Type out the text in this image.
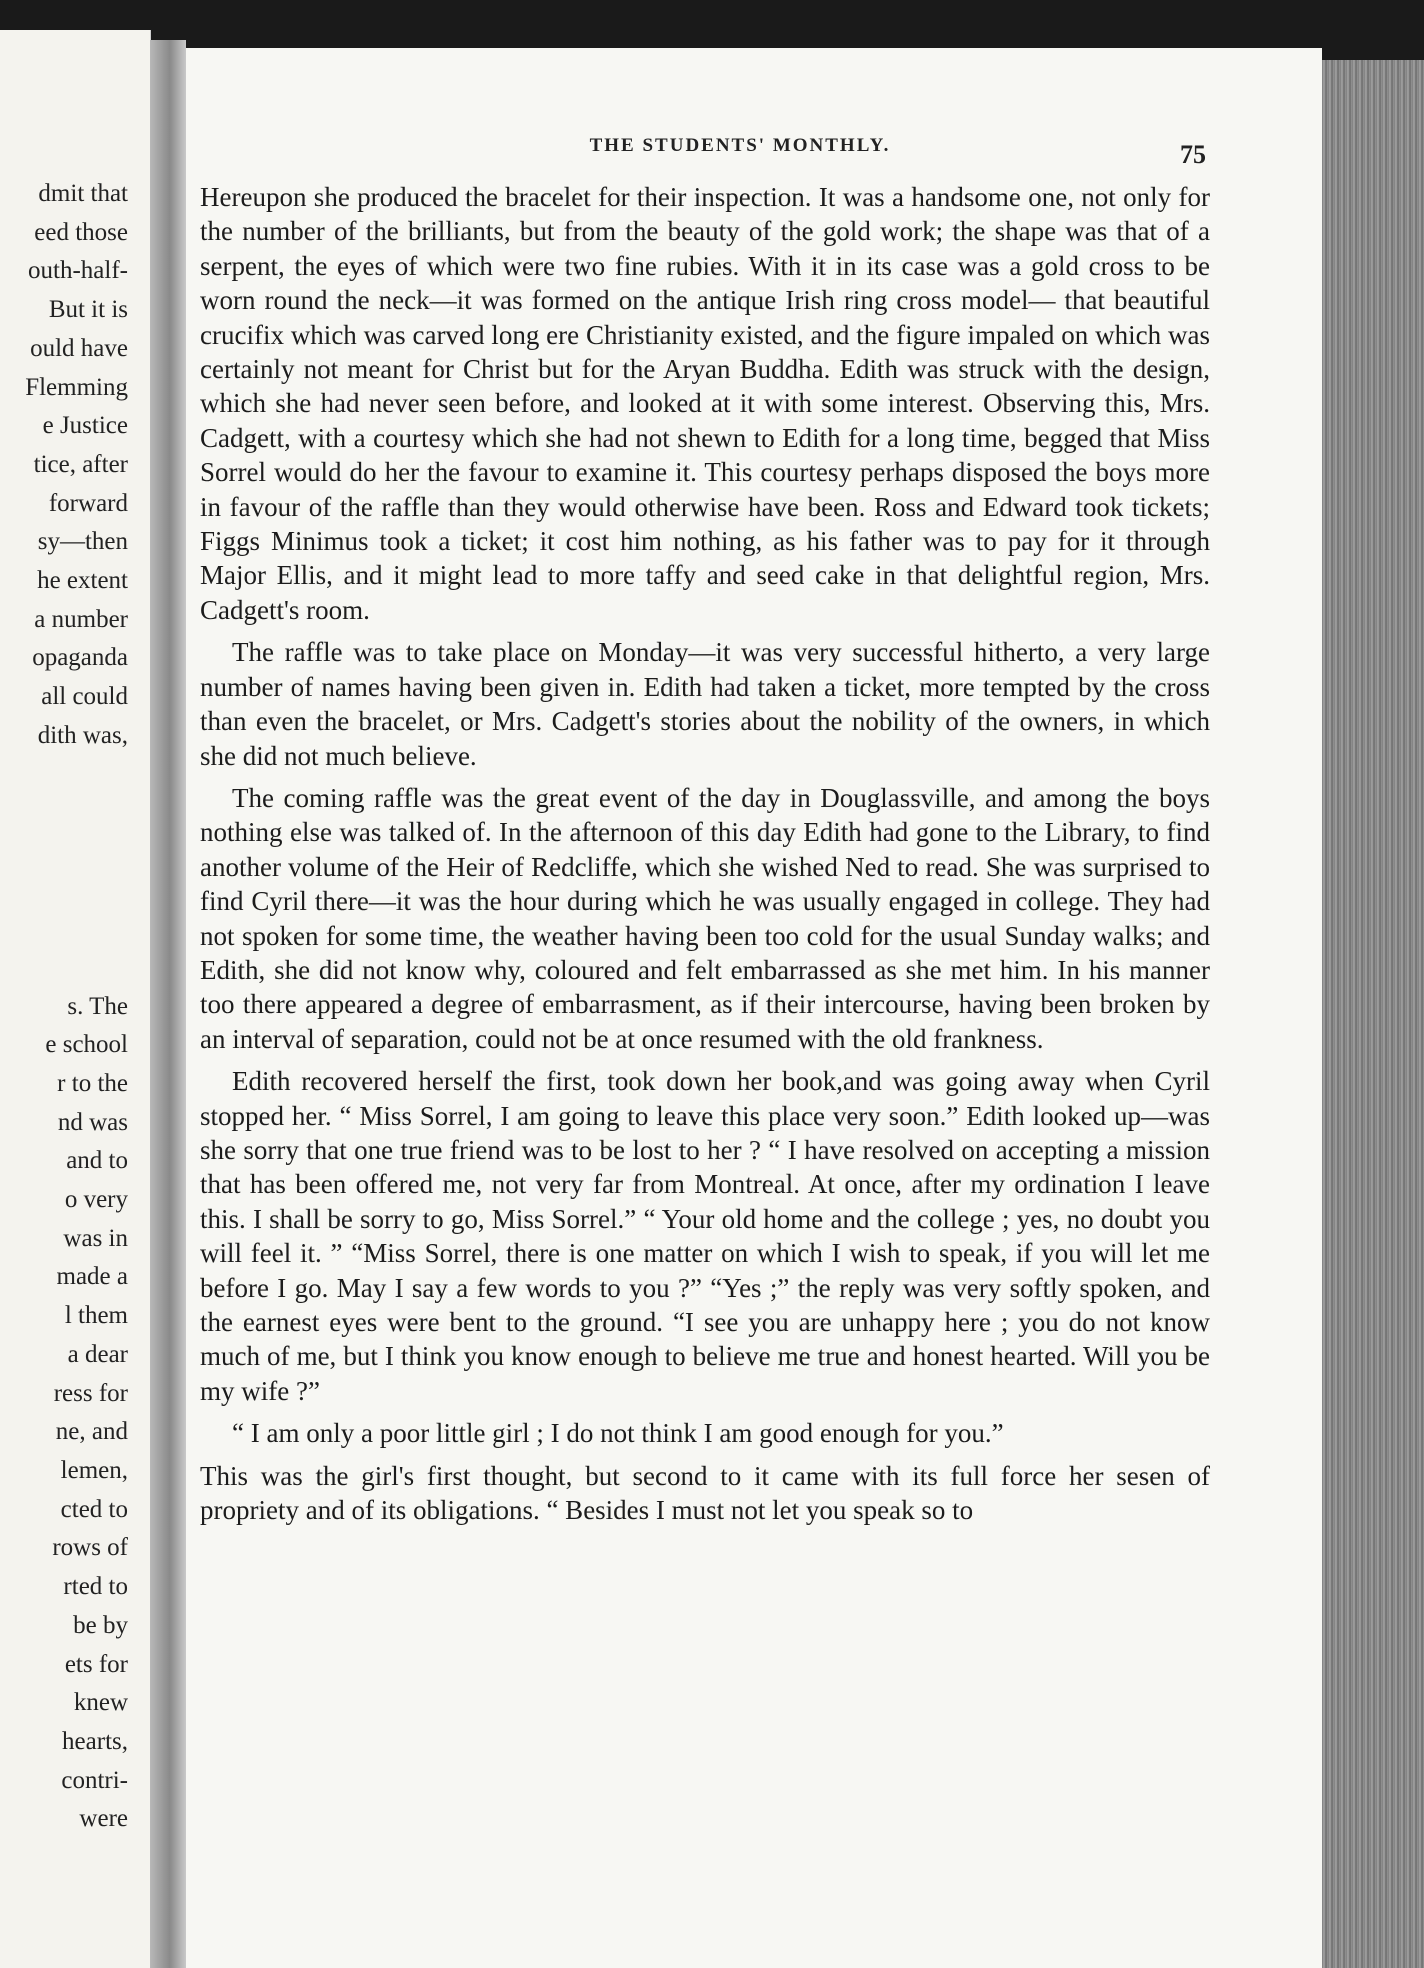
dmit that
eed those
outh-half-
But it is
ould have
Flemming
e Justice
tice, after
forward
sy—then
he extent
a number
opaganda
all could
dith was,
s. The
e school
r to the
nd was
and to
o very
was in
made a
l them
a dear
ress for
ne, and
lemen,
cted to
rows of
rted to
be by
ets for
knew
hearts,
contri-
were
THE STUDENTS' MONTHLY.	75

Hereupon she produced the bracelet for their inspection. It was a handsome one, not only for the number of the brilliants, but from the beauty of the gold work; the shape was that of a serpent, the eyes of which were two fine rubies. With it in its case was a gold cross to be worn round the neck—it was formed on the antique Irish ring cross model— that beautiful crucifix which was carved long ere Christianity existed, and the figure impaled on which was certainly not meant for Christ but for the Aryan Buddha. Edith was struck with the design, which she had never seen before, and looked at it with some interest. Observing this, Mrs. Cadgett, with a courtesy which she had not shewn to Edith for a long time, begged that Miss Sorrel would do her the favour to examine it. This courtesy perhaps disposed the boys more in favour of the raffle than they would otherwise have been. Ross and Edward took tickets; Figgs Minimus took a ticket; it cost him nothing, as his father was to pay for it through Major Ellis, and it might lead to more taffy and seed cake in that delightful region, Mrs. Cadgett's room.

The raffle was to take place on Monday—it was very successful hitherto, a very large number of names having been given in. Edith had taken a ticket, more tempted by the cross than even the bracelet, or Mrs. Cadgett's stories about the nobility of the owners, in which she did not much believe.

The coming raffle was the great event of the day in Douglassville, and among the boys nothing else was talked of. In the afternoon of this day Edith had gone to the Library, to find another volume of the Heir of Redcliffe, which she wished Ned to read. She was surprised to find Cyril there—it was the hour during which he was usually engaged in college. They had not spoken for some time, the weather having been too cold for the usual Sunday walks; and Edith, she did not know why, coloured and felt embarrassed as she met him. In his manner too there appeared a degree of embarrasment, as if their intercourse, having been broken by an interval of separation, could not be at once resumed with the old frankness.

Edith recovered herself the first, took down her book,and was going away when Cyril stopped her. “ Miss Sorrel, I am going to leave this place very soon.” Edith looked up—was she sorry that one true friend was to be lost to her ? “ I have resolved on accepting a mission that has been offered me, not very far from Montreal. At once, after my ordination I leave this. I shall be sorry to go, Miss Sorrel.” “ Your old home and the college ; yes, no doubt you will feel it. ” “Miss Sorrel, there is one matter on which I wish to speak, if you will let me before I go. May I say a few words to you ?” “Yes ;” the reply was very softly spoken, and the earnest eyes were bent to the ground. “I see you are unhappy here ; you do not know much of me, but I think you know enough to believe me true and honest hearted. Will you be my wife ?”

“ I am only a poor little girl ; I do not think I am good enough for you.”

This was the girl's first thought, but second to it came with its full force her sesen of propriety and of its obligations. “ Besides I must not let you speak so to
